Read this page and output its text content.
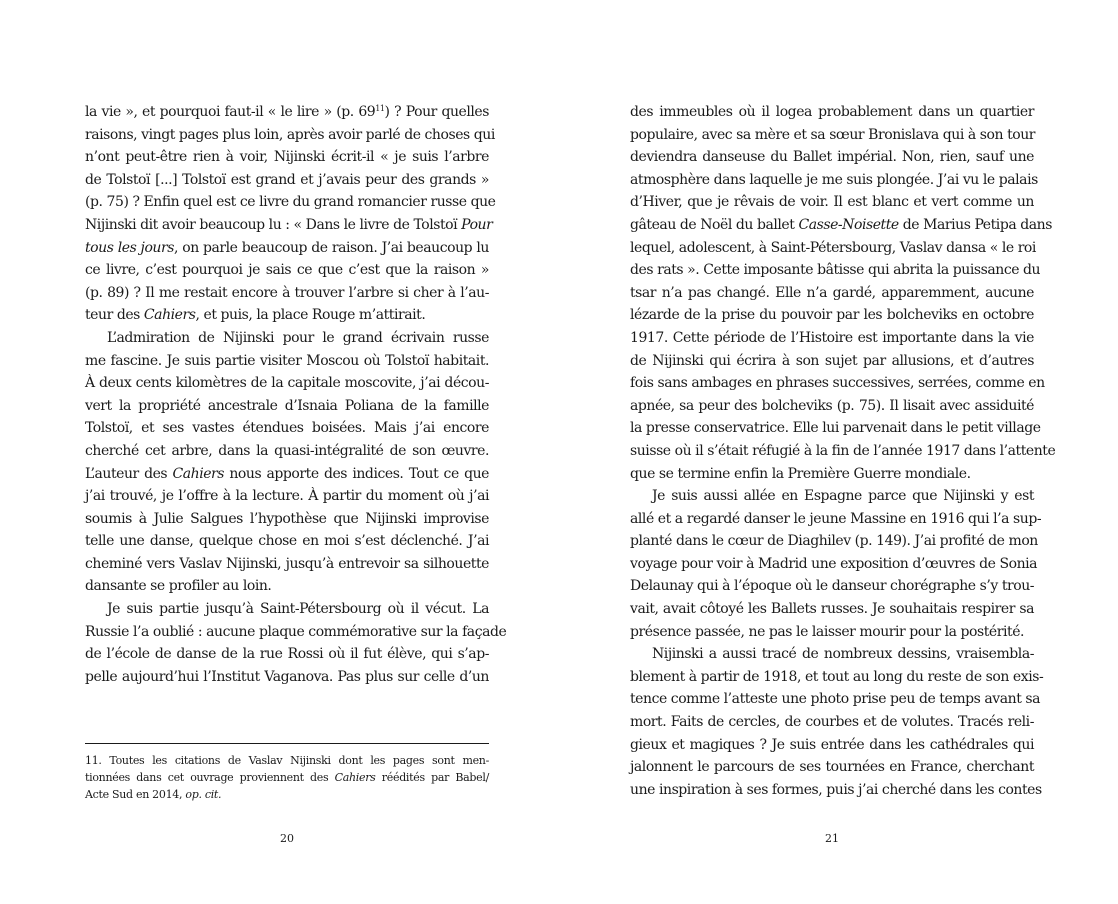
la vie », et pourquoi faut-il « le lire » (p. $69^{11}$) ? Pour quelles
raisons, vingt pages plus loin, après avoir parlé de choses qui
n’ont peut-être rien à voir, Nijinski écrit-il « je suis l’arbre
de Tolstoï [...] Tolstoï est grand et j’avais peur des grands »
(p. 75) ? Enfin quel est ce livre du grand romancier russe que
Nijinski dit avoir beaucoup lu : « Dans le livre de Tolstoï Pour
tous les jours, on parle beaucoup de raison. J’ai beaucoup lu
ce livre, c’est pourquoi je sais ce que c’est que la raison »
(p. 89) ? Il me restait encore à trouver l’arbre si cher à l’au-
teur des Cahiers, et puis, la place Rouge m’attirait.
L’admiration de Nijinski pour le grand écrivain russe
me fascine. Je suis partie visiter Moscou où Tolstoï habitait.
À deux cents kilomètres de la capitale moscovite, j’ai décou-
vert la propriété ancestrale d’Isnaia Poliana de la famille
Tolstoï, et ses vastes étendues boisées. Mais j’ai encore
cherché cet arbre, dans la quasi-intégralité de son œuvre.
L’auteur des Cahiers nous apporte des indices. Tout ce que
j’ai trouvé, je l’offre à la lecture. À partir du moment où j’ai
soumis à Julie Salgues l’hypothèse que Nijinski improvise
telle une danse, quelque chose en moi s’est déclenché. J’ai
cheminé vers Vaslav Nijinski, jusqu’à entrevoir sa silhouette
dansante se profiler au loin.
Je suis partie jusqu’à Saint-Pétersbourg où il vécut. La
Russie l’a oublié : aucune plaque commémorative sur la façade
de l’école de danse de la rue Rossi où il fut élève, qui s’ap-
pelle aujourd’hui l’Institut Vaganova. Pas plus sur celle d’un
11. Toutes les citations de Vaslav Nijinski dont les pages sont men-
tionnées dans cet ouvrage proviennent des Cahiers réédités par Babel/
Acte Sud en 2014, op. cit.
20
des immeubles où il logea probablement dans un quartier
populaire, avec sa mère et sa sœur Bronislava qui à son tour
deviendra danseuse du Ballet impérial. Non, rien, sauf une
atmosphère dans laquelle je me suis plongée. J’ai vu le palais
d’Hiver, que je rêvais de voir. Il est blanc et vert comme un
gâteau de Noël du ballet Casse-Noisette de Marius Petipa dans
lequel, adolescent, à Saint-Pétersbourg, Vaslav dansa « le roi
des rats ». Cette imposante bâtisse qui abrita la puissance du
tsar n’a pas changé. Elle n’a gardé, apparemment, aucune
lézarde de la prise du pouvoir par les bolcheviks en octobre
1917. Cette période de l’Histoire est importante dans la vie
de Nijinski qui écrira à son sujet par allusions, et d’autres
fois sans ambages en phrases successives, serrées, comme en
apnée, sa peur des bolcheviks (p. 75). Il lisait avec assiduité
la presse conservatrice. Elle lui parvenait dans le petit village
suisse où il s’était réfugié à la fin de l’année 1917 dans l’attente
que se termine enfin la Première Guerre mondiale.
Je suis aussi allée en Espagne parce que Nijinski y est
allé et a regardé danser le jeune Massine en 1916 qui l’a sup-
planté dans le cœur de Diaghilev (p. 149). J’ai profité de mon
voyage pour voir à Madrid une exposition d’œuvres de Sonia
Delaunay qui à l’époque où le danseur chorégraphe s’y trou-
vait, avait côtoyé les Ballets russes. Je souhaitais respirer sa
présence passée, ne pas le laisser mourir pour la postérité.
Nijinski a aussi tracé de nombreux dessins, vraisembla-
blement à partir de 1918, et tout au long du reste de son exis-
tence comme l’atteste une photo prise peu de temps avant sa
mort. Faits de cercles, de courbes et de volutes. Tracés reli-
gieux et magiques ? Je suis entrée dans les cathédrales qui
jalonnent le parcours de ses tournées en France, cherchant
une inspiration à ses formes, puis j’ai cherché dans les contes
21
